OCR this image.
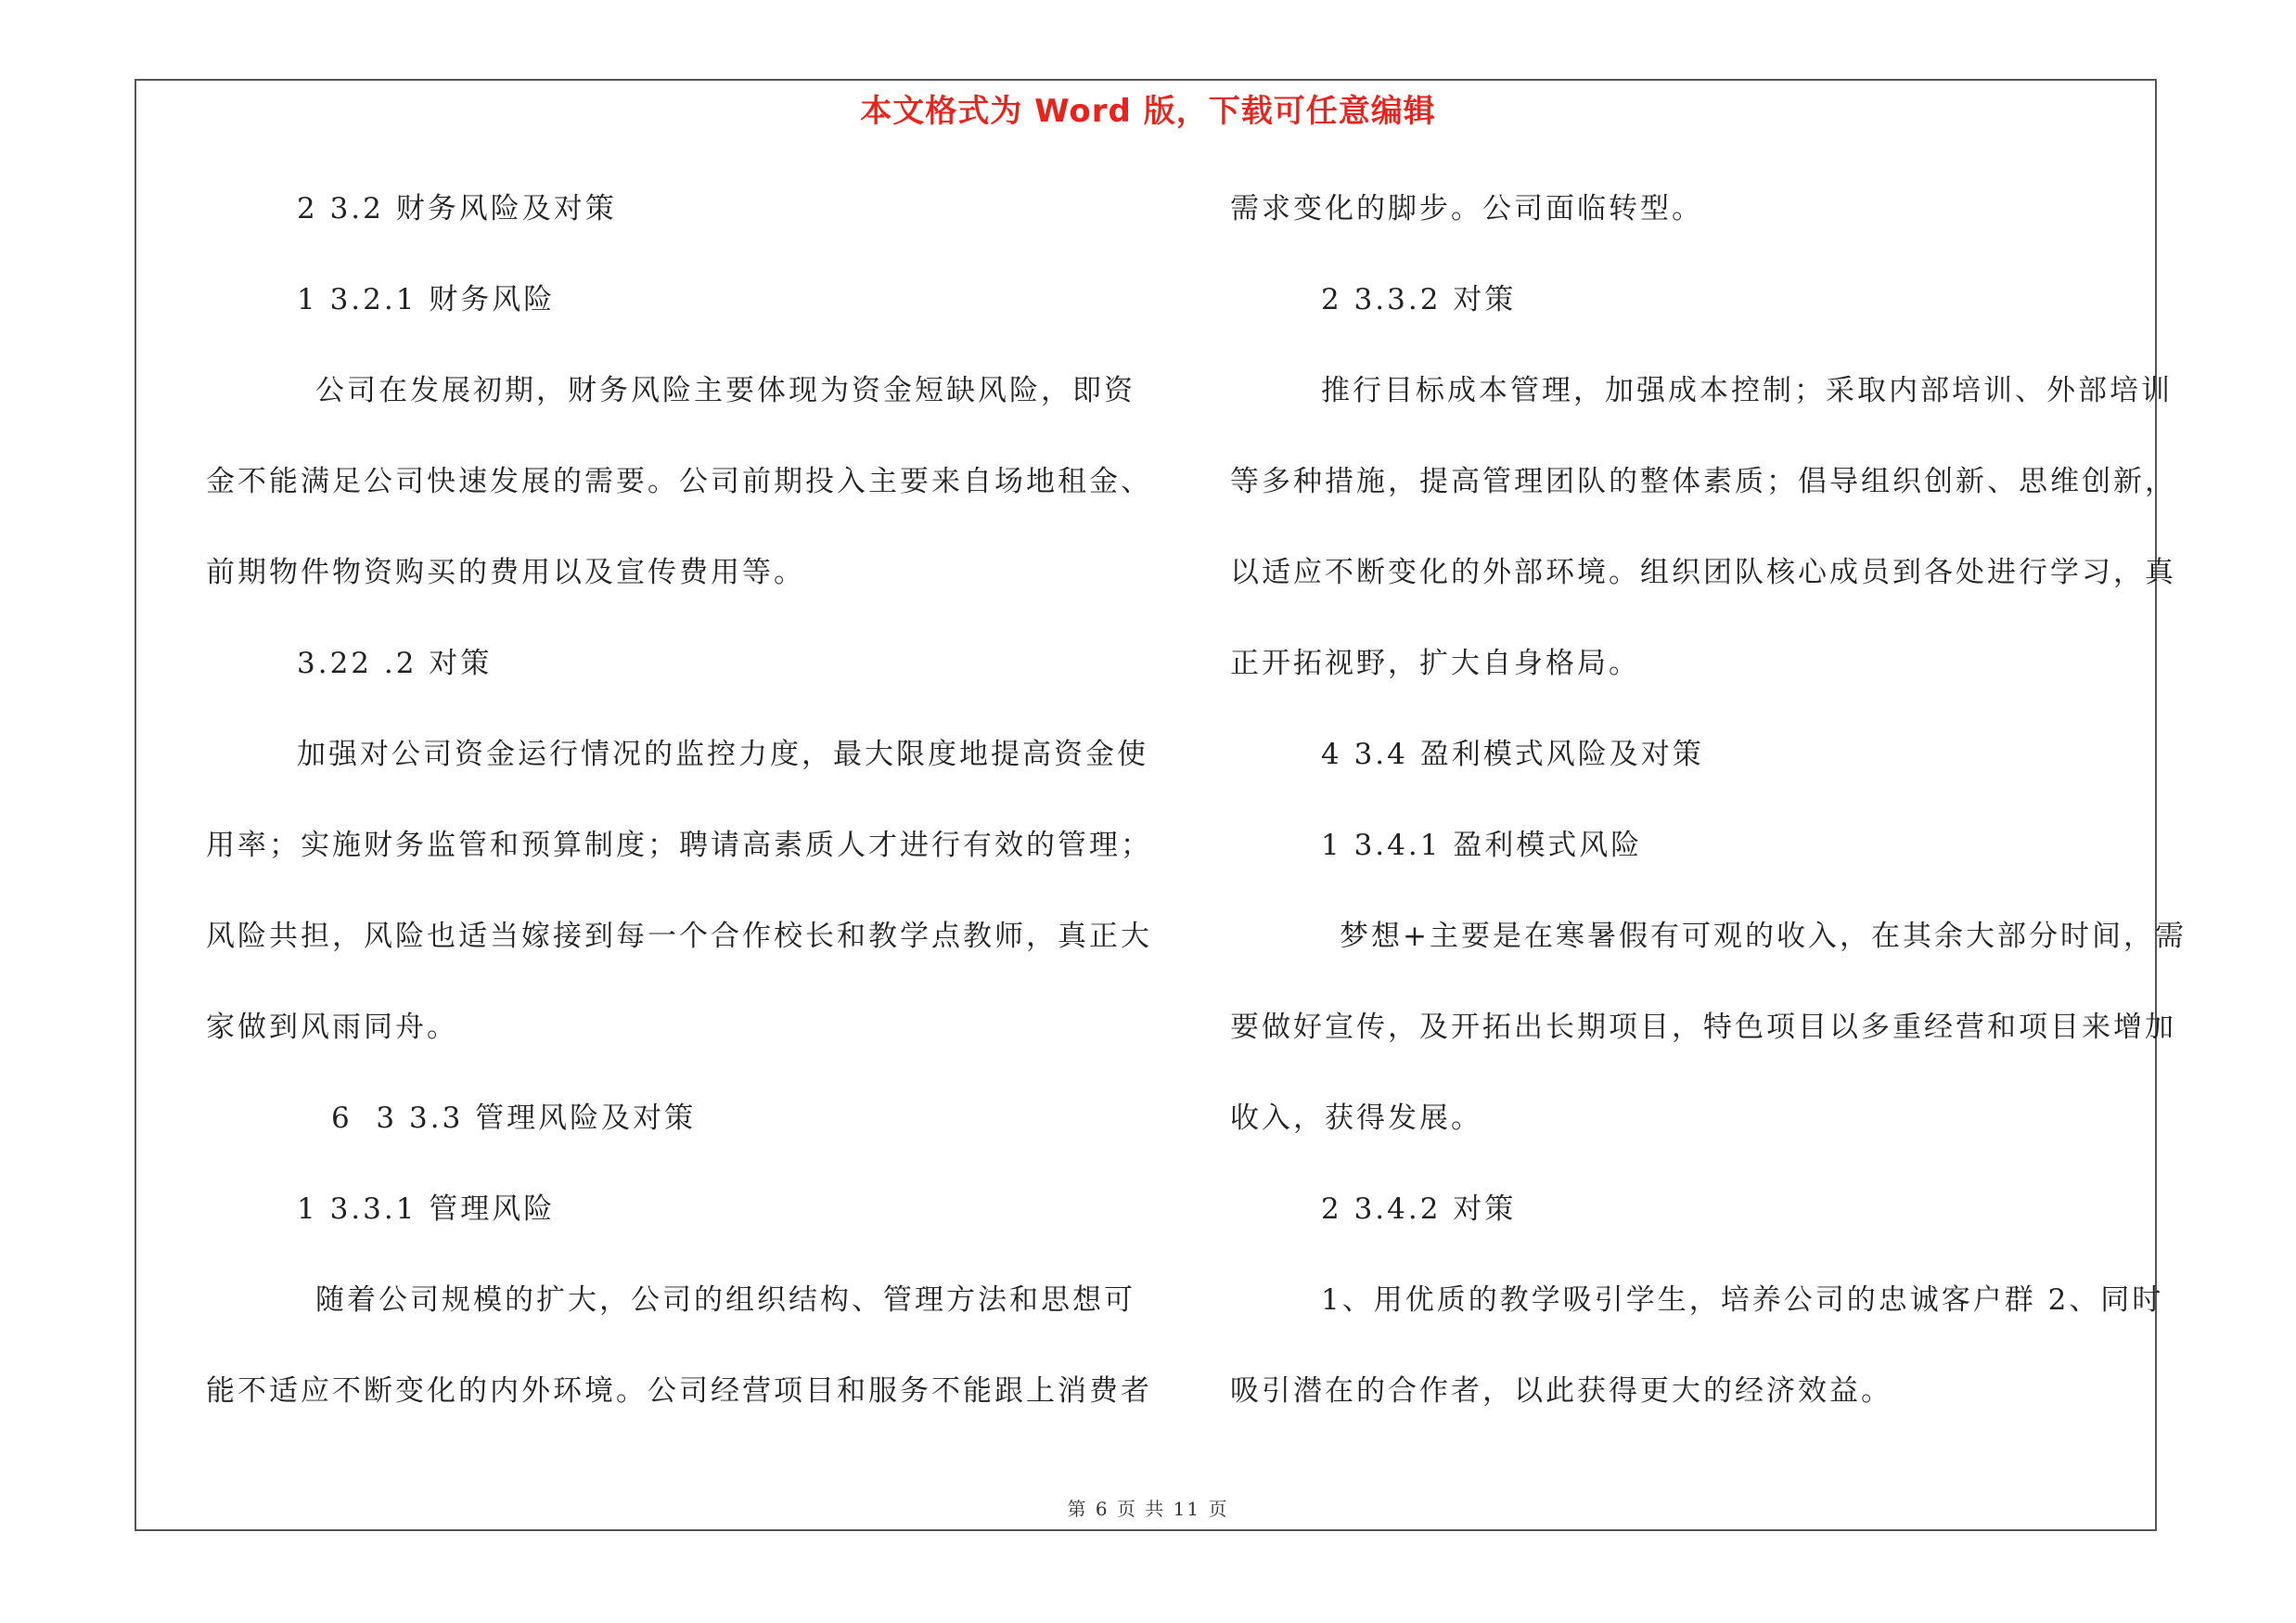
本文格式为 Word 版，下载可任意编辑
2 3.2 财务风险及对策
1 3.2.1 财务风险
公司在发展初期，财务风险主要体现为资金短缺风险，即资
金不能满足公司快速发展的需要。公司前期投入主要来自场地租金、
前期物件物资购买的费用以及宣传费用等。
3.22 .2 对策
加强对公司资金运行情况的监控力度，最大限度地提高资金使
用率；实施财务监管和预算制度；聘请高素质人才进行有效的管理；
风险共担，风险也适当嫁接到每一个合作校长和教学点教师，真正大
家做到风雨同舟。
6  3 3.3 管理风险及对策
1 3.3.1 管理风险
随着公司规模的扩大，公司的组织结构、管理方法和思想可
能不适应不断变化的内外环境。公司经营项目和服务不能跟上消费者
需求变化的脚步。公司面临转型。
2 3.3.2 对策
推行目标成本管理，加强成本控制；采取内部培训、外部培训
等多种措施，提高管理团队的整体素质；倡导组织创新、思维创新，
以适应不断变化的外部环境。组织团队核心成员到各处进行学习，真
正开拓视野，扩大自身格局。
4 3.4 盈利模式风险及对策
1 3.4.1 盈利模式风险
梦想+主要是在寒暑假有可观的收入，在其余大部分时间，需
要做好宣传，及开拓出长期项目，特色项目以多重经营和项目来增加
收入，获得发展。
2 3.4.2 对策
1、用优质的教学吸引学生，培养公司的忠诚客户群 2、同时
吸引潜在的合作者，以此获得更大的经济效益。
第 6 页 共 11 页
